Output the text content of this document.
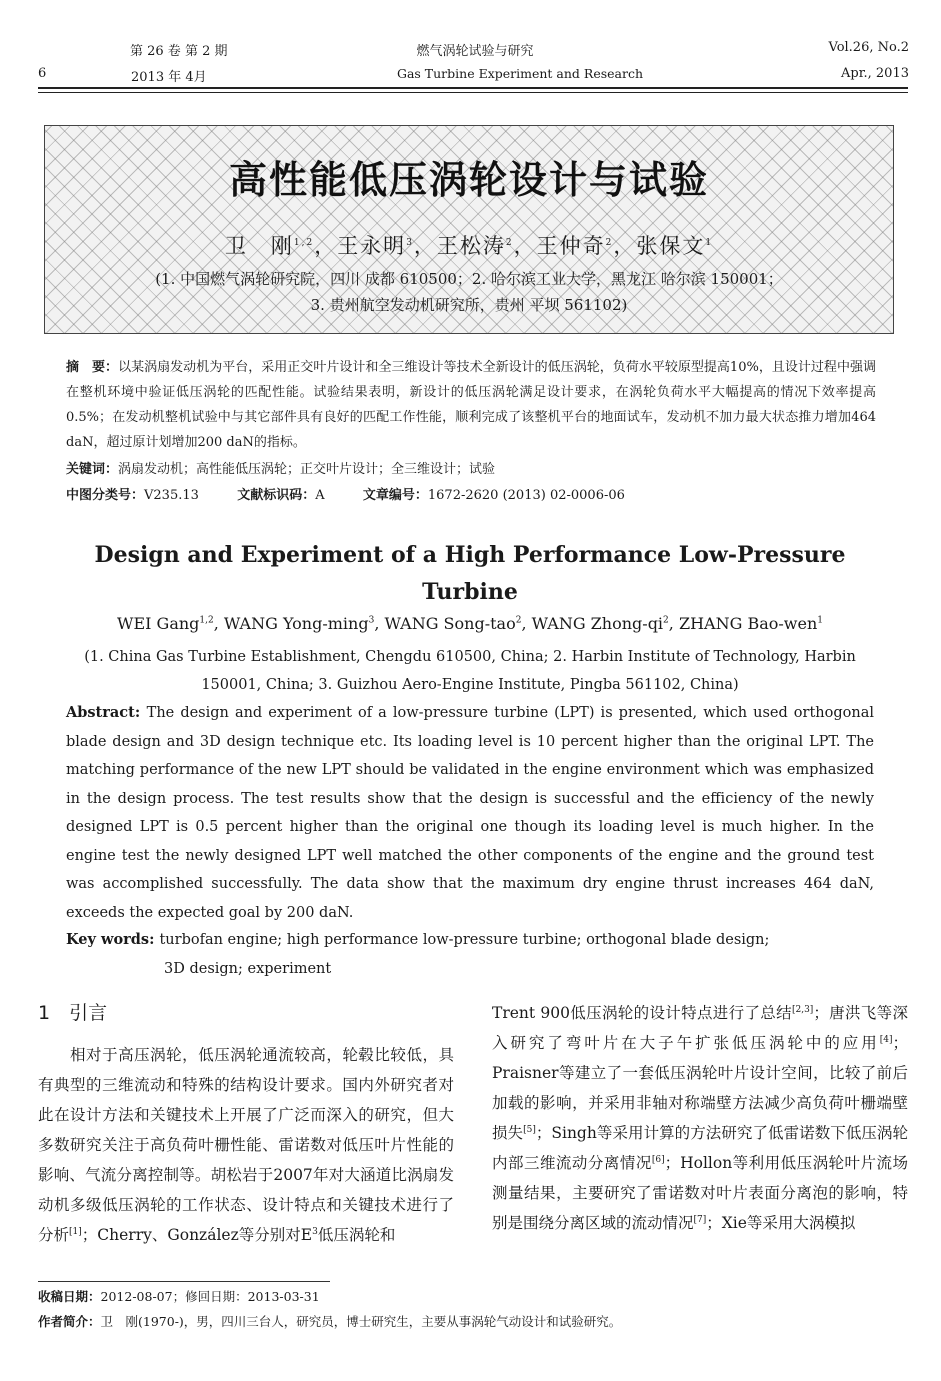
第 26 卷 第 2 期
2013 年 4月
6
燃气涡轮试验与研究
Gas Turbine Experiment and Research
Vol.26, No.2
Apr., 2013
高性能低压涡轮设计与试验
卫　刚$^{1,2}$，王永明$^3$，王松涛$^2$，王仲奇$^2$，张保文$^1$
(1. 中国燃气涡轮研究院，四川 成都 610500；2. 哈尔滨工业大学，黑龙江 哈尔滨 150001；
3. 贵州航空发动机研究所，贵州 平坝 561102)
摘　要：以某涡扇发动机为平台，采用正交叶片设计和全三维设计等技术全新设计的低压涡轮，负荷水平较原型提高10%，且设计过程中强调在整机环境中验证低压涡轮的匹配性能。试验结果表明，新设计的低压涡轮满足设计要求，在涡轮负荷水平大幅提高的情况下效率提高0.5%；在发动机整机试验中与其它部件具有良好的匹配工作性能，顺利完成了该整机平台的地面试车，发动机不加力最大状态推力增加464 daN，超过原计划增加200 daN的指标。
关键词：涡扇发动机；高性能低压涡轮；正交叶片设计；全三维设计；试验
中图分类号：V235.13	文献标识码：A	文章编号：1672-2620 (2013) 02-0006-06
Design and Experiment of a High Performance Low-Pressure Turbine
WEI Gang$^{1,2}$, WANG Yong-ming$^3$, WANG Song-tao$^2$, WANG Zhong-$qi^2$, ZHANG Bao-wen$^1$
(1. China Gas Turbine Establishment, Chengdu 610500, China; 2. Harbin Institute of Technology, Harbin 150001, China; 3. Guizhou Aero-Engine Institute, Pingba 561102, China)
Abstract: The design and experiment of a low-pressure turbine (LPT) is presented, which used orthogonal blade design and 3D design technique etc. Its loading level is 10 percent higher than the original LPT. The matching performance of the new LPT should be validated in the engine environment which was emphasized in the design process. The test results show that the design is successful and the efficiency of the newly designed LPT is 0.5 percent higher than the original one though its loading level is much higher. In the engine test the newly designed LPT well matched the other components of the engine and the ground test was accomplished successfully. The data show that the maximum dry engine thrust increases 464 daN, exceeds the expected goal by 200 daN.
Key words: turbofan engine; high performance low-pressure turbine; orthogonal blade design;
3D design; experiment
1　引言
　　相对于高压涡轮，低压涡轮通流较高，轮毂比较低，具有典型的三维流动和特殊的结构设计要求。国内外研究者对此在设计方法和关键技术上开展了广泛而深入的研究，但大多数研究关注于高负荷叶栅性能、雷诺数对低压叶片性能的影响、气流分离控制等。胡松岩于2007年对大涵道比涡扇发动机多级低压涡轮的工作状态、设计特点和关键技术进行了分析[1]；Cherry、González等分别对$E^3$低压涡轮和
Trent 900低压涡轮的设计特点进行了总结[2,3]；唐洪飞等深入研究了弯叶片在大子午扩张低压涡轮中的应用[4]；Praisner等建立了一套低压涡轮叶片设计空间，比较了前后加载的影响，并采用非轴对称端壁方法减少高负荷叶栅端壁损失[5]；Singh等采用计算的方法研究了低雷诺数下低压涡轮内部三维流动分离情况[6]；Hollon等利用低压涡轮叶片流场测量结果，主要研究了雷诺数对叶片表面分离泡的影响，特别是围绕分离区域的流动情况[7]；Xie等采用大涡模拟
收稿日期：2012-08-07；修回日期：2013-03-31
作者简介：卫　刚(1970-)，男，四川三台人，研究员，博士研究生，主要从事涡轮气动设计和试验研究。
